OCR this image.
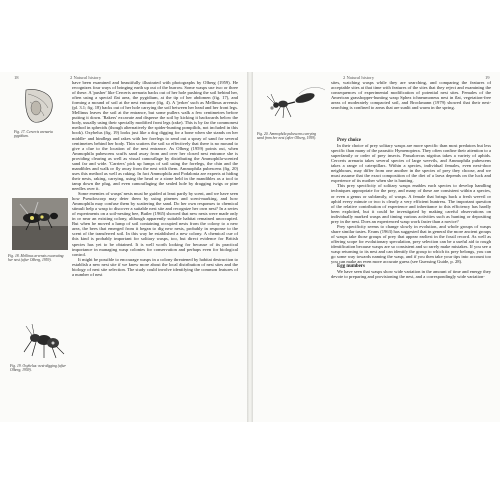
18	2 Natural history

Fig. 17. Cerceris arenaria pygidium.

Fig. 18. Mellinus arvensis excavating her nest (after Olberg, 1959).

Fig. 19. Oxybelus: nest-digging (after Olberg, 1959).

have been examined and beautifully illustrated with photographs by Olberg (1959). He recognizes four ways of bringing earth up out of the burrow. Some wasps use two or three of these. A 'pusher' like Cerceris arenaria backs out of her hole pushing the soil behind her, often using a special flat area, the pygidium, at the tip of her abdomen (fig. 17), and forming a mound of soil at the nest entrance (fig. 4). A 'jerker' such as Mellinus arvensis (pl. 3.1; fig. 18) backs out of her hole carrying the soil between her head and her front legs. Mellinus leaves the soil at the entrance, but some pullers walk a few centimetres before putting it down. 'Rakers' excavate and disperse the soil by kicking it backwards below the body, usually using their specially modified front legs (rake). This is by far the commonest method in sphecids (though alternatively the spider-hunting pompilids, not included in this book). Oxybelus (fig. 19) looks just like a dog digging for a bone when she stands on her middle- and hindlegs and rakes with her forelegs to send out a spray of sand for several centimetres behind her body. Thin scatters the soil so effectively that there is no mound to give a clue to the location of the nest entrance. As Olberg (1959) points out, when Ammophila pubescens scuffs sand away from and over her closed nest entrance she is providing clearing as well as visual camouflage by distributing the Ammophila-scented sand far and wide. 'Carriers' pick up lumps of soil using the forelegs, the chin and the mandibles and walk or fly away from the nest with them. Ammophila pubescens (fig. 20) uses this method as well as raking. In fact Ammophila and Podalonia are experts at hiding their nests, raking, carrying, using the head or a stone held in the mandibles as a tool to tamp down the plug, and even camouflaging the sealed hole by dragging twigs or pine needles over it.

Some enemies of wasps' nests must be guided at least partly by scent, and we have seen how Pseudoscorp may deter them by using pinenes and scent-marking, and how Ammophila may confuse them by scattering the sand. Do her own responses to chemical stimuli help a wasp to discover a suitable nest site and recognize her own nest? In a series of experiments on a soil-nesting bee, Butler (1965) showed that new nests were made only in or near an existing colony, although apparently suitable habitat remained unoccupied. But when he moved a lump of soil containing occupied nests from the colony to a new area, the bees that emerged from it began to dig new nests, probably in response to the scent of the transferred soil. In this way he established a new colony. A chemical cue of this kind is probably important for solitary wasps, too, but direct evidence for British species has yet to be obtained. It is well worth looking for because of its practical importance in managing wasp colonies for conservation and perhaps even for biological control.

It might be possible to encourage wasps in a colony threatened by habitat destruction to establish a new nest site if we knew more about the local distribution of nest sites and the biology of nest site selection. The study could involve identifying the common features of a number of nest

2 Natural history	19

Fig. 20. Ammophila pubescens carrying sand from her nest (after Olberg, 1959).

sites, watching wasps while they are searching, and comparing the features of acceptable sites at that time with features of the sites that they reject and examining the consequences of experimental modification of potential nest sites. Females of the American grasshopper-hunting wasp Sphex ichneumoneus nest in flat, vegetation-free areas of moderately compacted soil, and Brockmann (1979) showed that their nest-searching is confined to areas that are sunlit and warm in the spring.

Prey choice

In their choice of prey solitary wasps are more specific than most predators but less specific than many of the parasitic Hymenoptera. They often confine their attention to a superfamily or order of prey insects. Passaloecus nigritus takes a variety of aphids. Cerceris arenaria takes several species of large weevils, and Ammophila pubescens takes a range of caterpillars. Within a species, individual females, even next-door neighbours, may differ from one another in the species of prey they choose, and we must assume that the exact composition of the diet of a larva depends on the luck and experience of its mother when she is hunting.

This prey specificity of solitary wasps enables each species to develop handling techniques appropriate for the prey, and many of these are consistent within a species, or even a genus or subfamily, of wasps. A female that brings back a fresh weevil or aphid every minute or two is clearly a very efficient huntress. The important question of the relative contribution of experience and inheritance to this efficiency has hardly been exploited, but it could be investigated by making careful observations on individually marked wasps and timing various activities such as hunting or depositing prey in the nest. Does an experienced wasp work faster than a novice?

Prey specificity seems to change slowly in evolution, and whole groups of wasps share similar tastes. Evans (1963) has suggested that in general the more ancient groups of wasps take those groups of prey that appear earliest in the fossil record. As well as offering scope for evolutionary speculation, prey selection can be a useful aid to rough identification because wasps are so consistent and so rarely make mistakes. If you see a wasp returning to its nest and can identify the group to which its prey belongs, you can go some way towards naming the wasp, and if you then take your tips into account too you can make an even more accurate guess (see Guessing Guide, p. 28).

Egg numbers

We have seen that wasps show wide variation in the amount of time and energy they devote to preparing and provisioning the nest, and a correspondingly wide variation-
